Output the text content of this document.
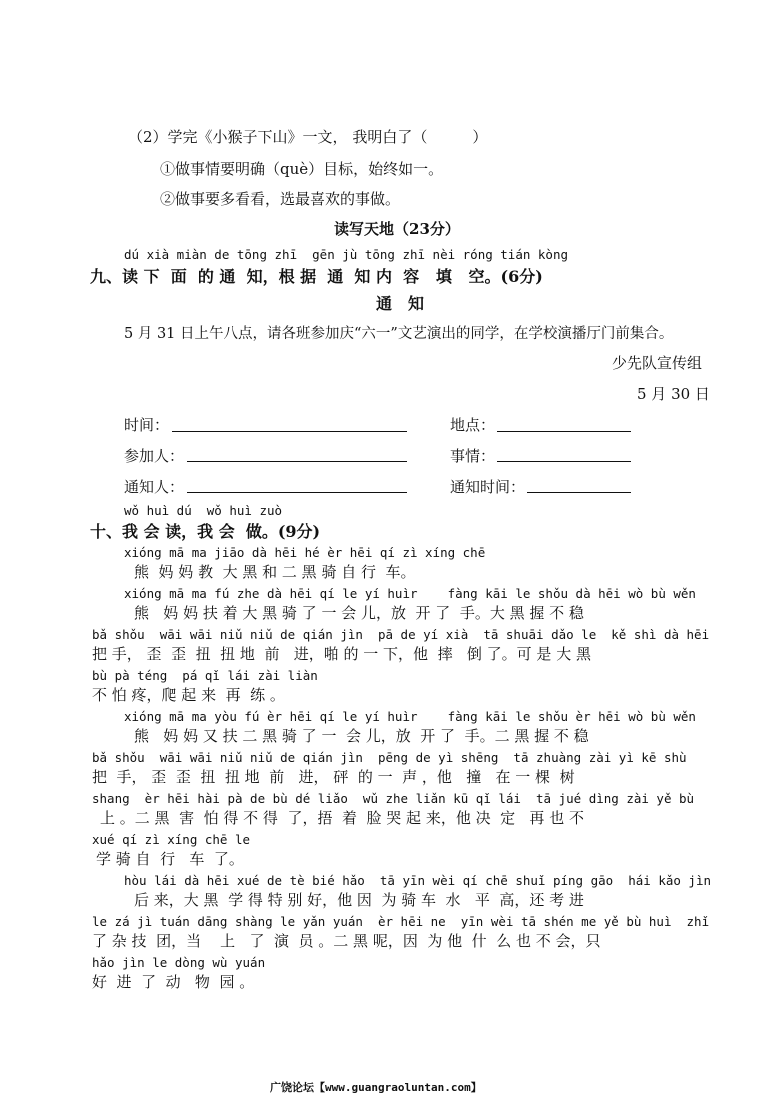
（2）学完《小猴子下山》一文， 我明白了（　　　）
①做事情要明确（què）目标，始终如一。
②做事要多看看，选最喜欢的事做。
读写天地（23分）
dú xià miàn de tōng zhī  gēn jù tōng zhī nèi róng tián kòng
九、读 下  面  的 通  知，根 据  通  知 内  容   填   空。(6分)
通　知
5 月 31 日上午八点，请各班参加庆“六一”文艺演出的同学，在学校演播厅门前集合。
少先队宣传组
5 月 30 日
时间：	地点：
参加人：	事情：
通知人：	通知时间：
wǒ huì dú  wǒ huì zuò
十、我 会 读，我 会  做。(9分)
xióng mā ma jiāo dà hēi hé èr hēi qí zì xíng chē
熊  妈 妈 教  大 黑 和 二 黑 骑 自 行  车。
xióng mā ma fú zhe dà hēi qí le yí huìr    fàng kāi le shǒu dà hēi wò bù wěn
熊   妈 妈 扶 着 大 黑 骑 了 一 会 儿，放  开 了  手。大 黑 握 不 稳
bǎ shǒu  wāi wāi niǔ niǔ de qián jìn  pā de yí xià  tā shuāi dǎo le  kě shì dà hēi
把 手， 歪  歪  扭  扭 地  前   进，啪 的 一 下，他  摔   倒 了。可 是 大 黑
bù pà téng  pá qǐ lái zài liàn
不 怕 疼，爬 起 来  再  练 。
xióng mā ma yòu fú èr hēi qí le yí huìr    fàng kāi le shǒu èr hēi wò bù wěn
熊   妈 妈 又 扶 二 黑 骑 了 一  会 儿，放  开 了  手。二 黑 握 不 稳
bǎ shǒu  wāi wāi niǔ niǔ de qián jìn  pēng de yì shēng  tā zhuàng zài yì kē shù
把  手， 歪  歪  扭  扭 地  前   进， 砰  的 一  声 ，他   撞   在 一 棵  树
shang  èr hēi hài pà de bù dé liǎo  wǔ zhe liǎn kū qǐ lái  tā jué dìng zài yě bù
上 。二 黑  害  怕 得 不 得  了，捂  着  脸 哭 起 来，他 决  定   再 也 不
xué qí zì xíng chē le
学 骑 自  行   车  了。
hòu lái dà hēi xué de tè bié hǎo  tā yīn wèi qí chē shuǐ píng gāo  hái kǎo jìn
后 来，大 黑  学 得 特 别 好，他 因  为 骑 车  水   平  高，还 考 进
le zá jì tuán dāng shàng le yǎn yuán  èr hēi ne  yīn wèi tā shén me yě bù huì  zhǐ
了 杂 技  团，当    上   了  演  员 。二 黑 呢，因  为 他  什  么 也 不 会，只
hǎo jìn le dòng wù yuán
好  进  了  动   物  园 。
广饶论坛【www.guangraoluntan.com】
